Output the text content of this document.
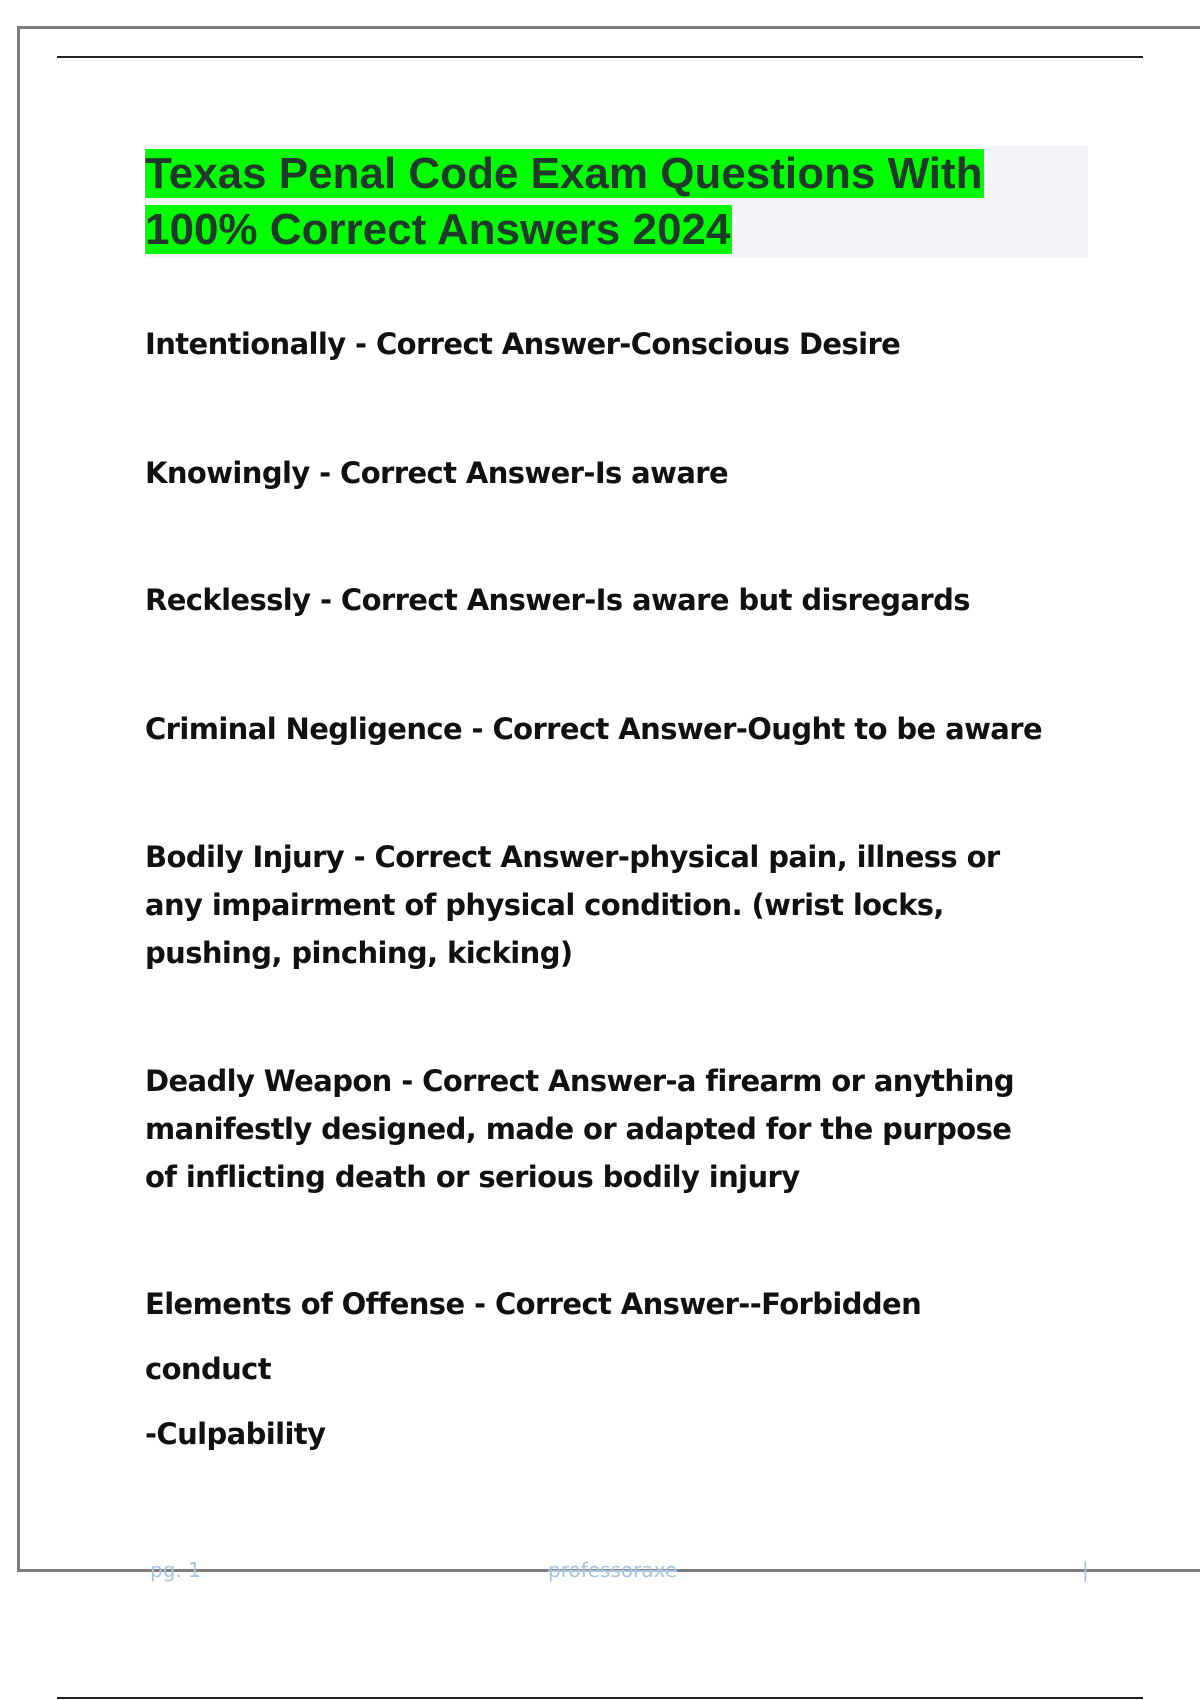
Texas Penal Code Exam Questions With
100% Correct Answers 2024

Intentionally - Correct Answer-Conscious Desire

Knowingly - Correct Answer-Is aware

Recklessly - Correct Answer-Is aware but disregards

Criminal Negligence - Correct Answer-Ought to be aware

Bodily Injury - Correct Answer-physical pain, illness or any impairment of physical condition. (wrist locks, pushing, pinching, kicking)

Deadly Weapon - Correct Answer-a firearm or anything manifestly designed, made or adapted for the purpose of inflicting death or serious bodily injury

Elements of Offense - Correct Answer--Forbidden conduct
-Culpability
pg. 1	professoraxe	|
